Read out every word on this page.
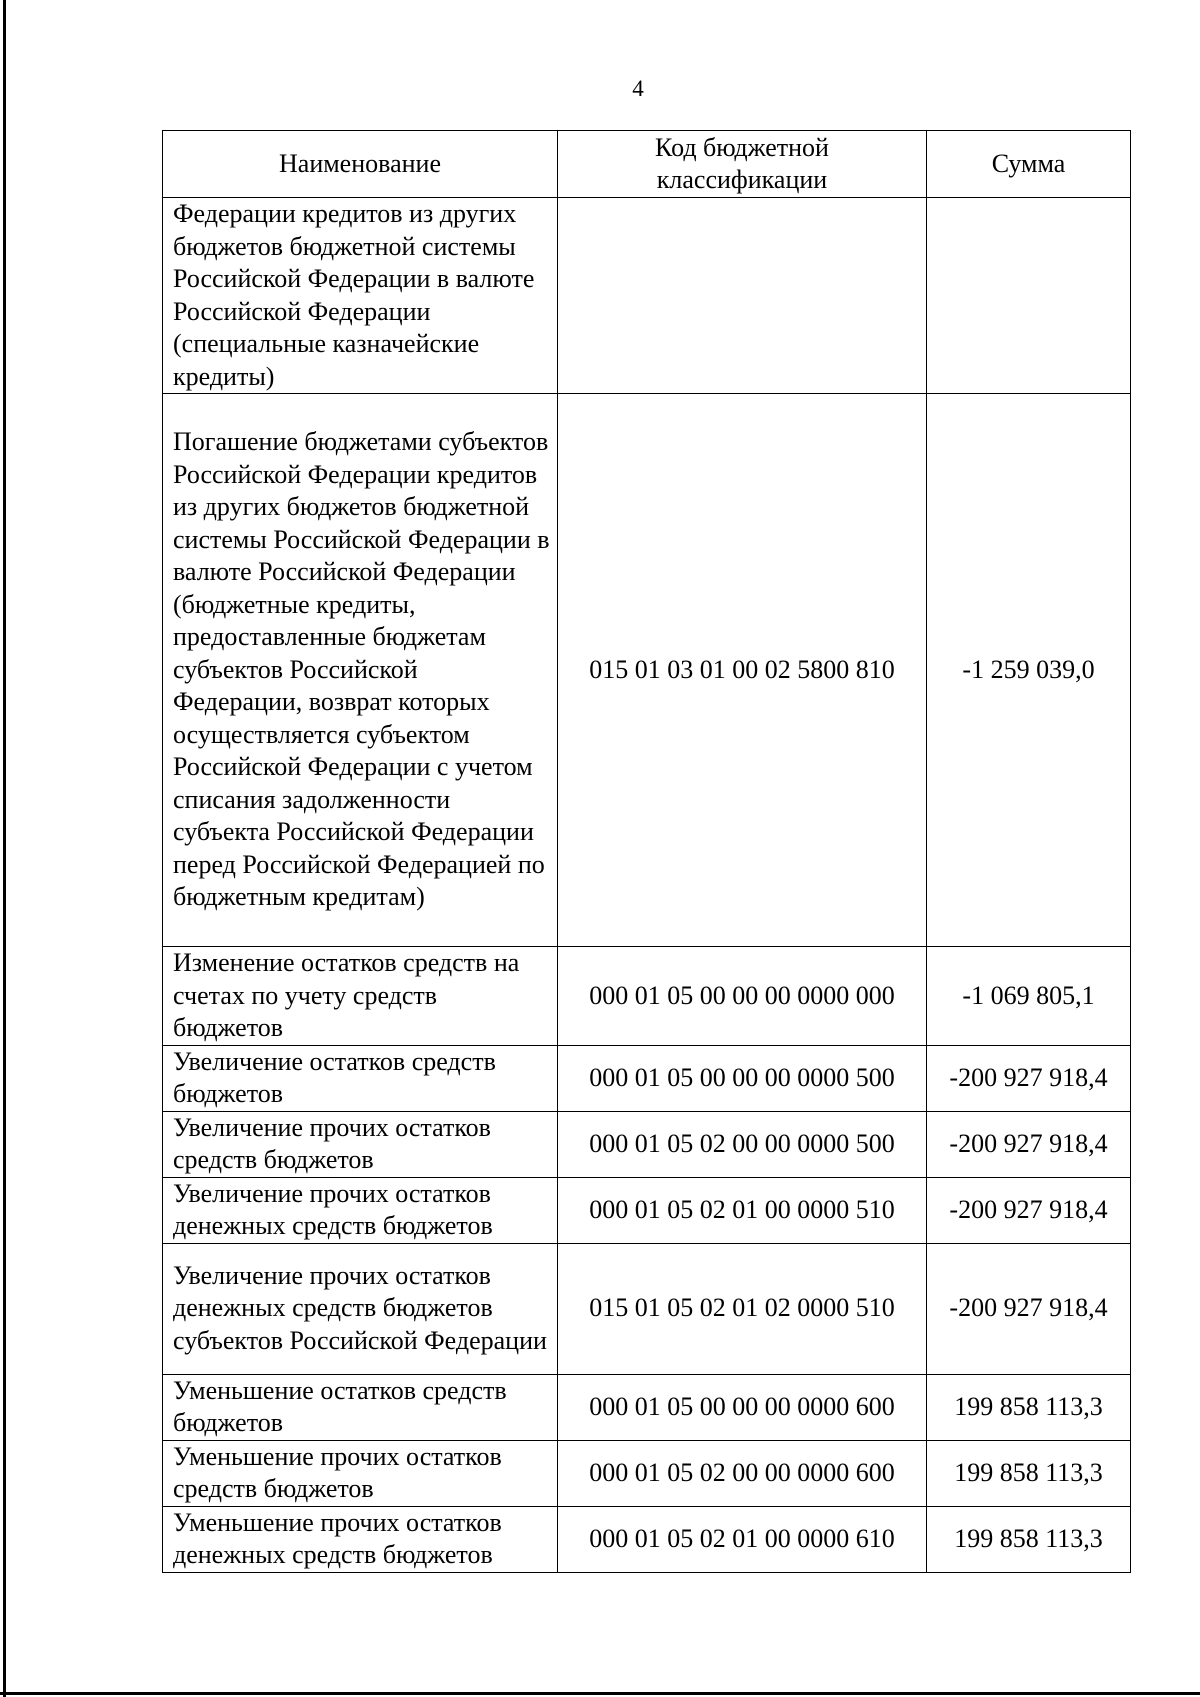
4
Наименование	Код бюджетной классификации	Сумма
Федерации кредитов из других бюджетов бюджетной системы Российской Федерации в валюте Российской Федерации (специальные казначейские кредиты)		
Погашение бюджетами субъектов Российской Федерации кредитов из других бюджетов бюджетной системы Российской Федерации в валюте Российской Федерации (бюджетные кредиты, предоставленные бюджетам субъектов Российской Федерации, возврат которых осуществляется субъектом Российской Федерации с учетом списания задолженности субъекта Российской Федерации перед Российской Федерацией по бюджетным кредитам)	015 01 03 01 00 02 5800 810	-1 259 039,0
Изменение остатков средств на счетах по учету средств бюджетов	000 01 05 00 00 00 0000 000	-1 069 805,1
Увеличение остатков средств бюджетов	000 01 05 00 00 00 0000 500	-200 927 918,4
Увеличение прочих остатков средств бюджетов	000 01 05 02 00 00 0000 500	-200 927 918,4
Увеличение прочих остатков денежных средств бюджетов	000 01 05 02 01 00 0000 510	-200 927 918,4
Увеличение прочих остатков денежных средств бюджетов субъектов Российской Федерации	015 01 05 02 01 02 0000 510	-200 927 918,4
Уменьшение остатков средств бюджетов	000 01 05 00 00 00 0000 600	199 858 113,3
Уменьшение прочих остатков средств бюджетов	000 01 05 02 00 00 0000 600	199 858 113,3
Уменьшение прочих остатков денежных средств бюджетов	000 01 05 02 01 00 0000 610	199 858 113,3
